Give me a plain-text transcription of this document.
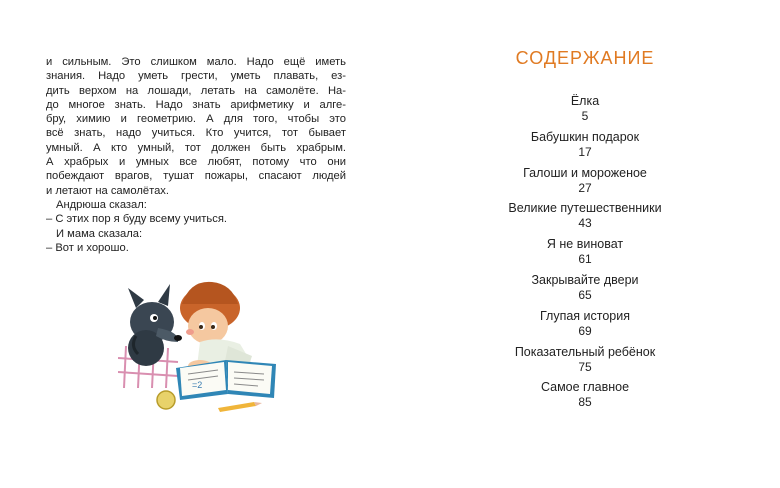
и сильным. Это слишком мало. Надо ещё иметь
знания. Надо уметь грести, уметь плавать, ез-
дить верхом на лошади, летать на самолёте. На-
до многое знать. Надо знать арифметику и алге-
бру, химию и геометрию. А для того, чтобы это
всё знать, надо учиться. Кто учится, тот бывает
умный. А кто умный, тот должен быть храбрым.
А храбрых и умных все любят, потому что они
побеждают врагов, тушат пожары, спасают людей
и летают на самолётах.
Андрюша сказал:
– С этих пор я буду всему учиться.
И мама сказала:
– Вот и хорошо.
=2
СОДЕРЖАНИЕ
Ёлка
5
Бабушкин подарок
17
Галоши и мороженое
27
Великие путешественники
43
Я не виноват
61
Закрывайте двери
65
Глупая история
69
Показательный ребёнок
75
Самое главное
85
